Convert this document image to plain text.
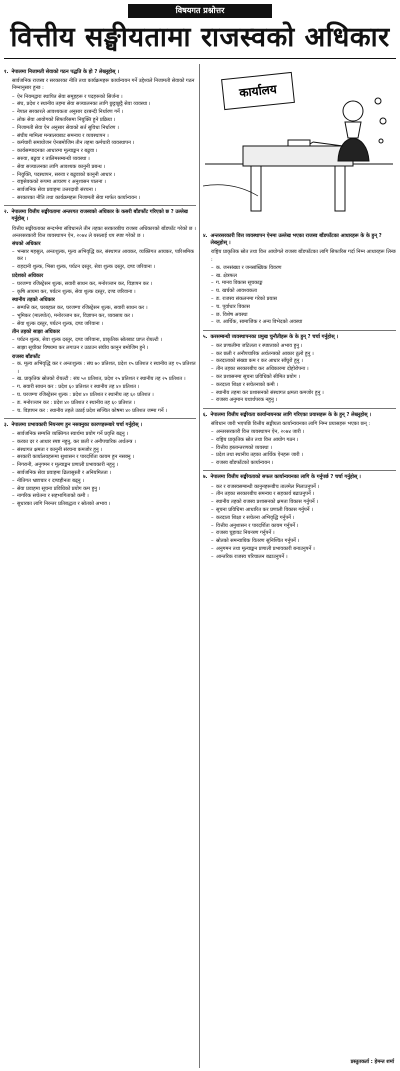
विषयगत प्रश्नोत्तर
वित्तीय सङ्घीयतामा राजस्वको अधिकार
१. नेपालमा निजामती सेवाको गठन पद्धति के हो ? लेख्नुहोस् ।

सार्वजनिक राजस्व र सरकारका नीति तथा कार्यक्रमहरू कार्यान्वयन गर्ने उद्देश्यले निजामती सेवाको गठन निम्नानुसार हुन्छ :

– ऐन नियमद्वारा स्थापित सेवा समूहहरू र पदहरूको सिर्जना ।
– संघ, प्रदेश र स्थानीय तहमा सेवा सञ्चालनका लागि छुट्टाछुट्टै सेवा व्यवस्था ।
– नेपाल सरकारले आवश्यकता अनुसार दरबन्दी निर्धारण गर्ने ।
– लोक सेवा आयोगको सिफारिसमा नियुक्ति हुने प्रक्रिया ।
– निजामती सेवा ऐन अनुसार सेवाको सर्त सुविधा निर्धारण ।
– संघीय मामिला मन्त्रालयबाट समन्वय र व्यवस्थापन ।
– कर्मचारी समायोजन ऐनबमोजिम तीन तहमा कर्मचारी व्यवस्थापन ।
– कार्यसम्पादनका आधारमा मूल्याङ्कन र बढुवा ।
– सरुवा, बढुवा र तालिमसम्बन्धी व्यवस्था ।
– सेवा सञ्चालनका लागि आवश्यक कानुनी प्रबन्ध ।
– नियुक्ति, पदस्थापन, सरुवा र बढुवाको कानुनी आधार ।
– राष्ट्रसेवकको रूपमा आचरण र अनुशासन पालना ।
– सार्वजनिक सेवा प्रवाहमा उत्तरदायी संरचना ।
– सरकारका नीति तथा कार्यक्रमहरू निजामती सेवा मार्फत कार्यान्वयन ।
२. नेपालमा वित्तीय सङ्घीयतामा अन्तरगत राजस्वको अधिकार के कसरी बाँडफाँट गरिएको छ ? उल्लेख गर्नुहोस् ।

वित्तीय सङ्घीयताका सन्दर्भमा संविधानले तीन तहका सरकारबीच राजस्व अधिकारको बाँडफाँट गरेको छ । अन्तरसरकारी वित्त व्यवस्थापन ऐन, २०७४ ले यसलाई थप स्पष्ट गरेको छ ।

संघको अधिकार
– भन्सार महसुल, अन्तःशुल्क, मूल्य अभिवृद्धि कर, संस्थागत आयकर, व्यक्तिगत आयकर, पारिश्रमिक कर ।
– राहदानी शुल्क, भिसा शुल्क, पर्यटन दस्तुर, सेवा शुल्क दस्तुर, दण्ड जरिवाना ।
प्रदेशको अधिकार
– घरजग्गा रजिस्ट्रेसन शुल्क, सवारी साधन कर, मनोरञ्जन कर, विज्ञापन कर ।
– कृषि आयमा कर, पर्यटन शुल्क, सेवा शुल्क दस्तुर, दण्ड जरिवाना ।
स्थानीय तहको अधिकार
– सम्पत्ति कर, घरबहाल कर, घरजग्गा रजिस्ट्रेसन शुल्क, सवारी साधन कर ।
– भूमिकर (मालपोत), मनोरञ्जन कर, विज्ञापन कर, व्यवसाय कर ।
– सेवा शुल्क दस्तुर, पर्यटन शुल्क, दण्ड जरिवाना ।
तीन तहको साझा अधिकार
– पर्यटन शुल्क, सेवा शुल्क दस्तुर, दण्ड जरिवाना, प्राकृतिक स्रोतबाट प्राप्त रोयल्टी ।
– साझा सूचीका विषयमा कर लगाउन र उठाउन संघीय कानुन बमोजिम हुने ।
राजस्व बाँडफाँट
– क. मूल्य अभिवृद्धि कर र अन्तःशुल्क : संघ ७० प्रतिशत, प्रदेश १५ प्रतिशत र स्थानीय तह १५ प्रतिशत ।
– ख. प्राकृतिक स्रोतको रोयल्टी : संघ ५० प्रतिशत, प्रदेश २५ प्रतिशत र स्थानीय तह २५ प्रतिशत ।
– ग. सवारी साधन कर : प्रदेश ६० प्रतिशत र स्थानीय तह ४० प्रतिशत ।
– घ. घरजग्गा रजिस्ट्रेसन शुल्क : प्रदेश ४० प्रतिशत र स्थानीय तह ६० प्रतिशत ।
– ङ. मनोरञ्जन कर : प्रदेश ४० प्रतिशत र स्थानीय तह ६० प्रतिशत ।
– च. विज्ञापन कर : स्थानीय तहले उठाई प्रदेश सञ्चित कोषमा ४० प्रतिशत जम्मा गर्ने ।
३. नेपालमा प्रभावकारी नियन्त्रण हुन नसक्नुका कारणहरूबारे चर्चा गर्नुहोस् ।
– सार्वजनिक सम्पत्ति व्यक्तिगत स्वार्थमा प्रयोग गर्ने प्रवृत्ति बढ्नु ।
– करका दर र आधार स्पष्ट नहुनु, कर छली र अनौपचारिक अर्थतन्त्र ।
– संस्थागत क्षमता र कानुनी संरचना कमजोर हुनु ।
– सरकारी कार्यालयहरूमा सुशासन र पारदर्शिता कायम हुन नसक्नु ।
– निगरानी, अनुगमन र मूल्याङ्कन प्रणाली प्रभावकारी नहुनु ।
– सार्वजनिक सेवा प्रवाहमा ढिलासुस्ती र अनियमितता ।
– नीतिगत भ्रष्टाचार र दण्डहीनता बढ्नु ।
– सेवा प्रवाहमा सूचना प्रविधिको प्रयोग कम हुनु ।
– नागरिक सचेतना र सहभागिताको कमी ।
– सुधारका लागि निरन्तर प्रतिबद्धता र स्रोतको अभाव ।
कार्यालय
४. अन्तरसरकारी वित्त व्यवस्थापन ऐनमा उल्लेख भएका राजस्व बाँडफाँटका आधारहरू के के हुन् ? लेख्नुहोस् ।

राष्ट्रिय प्राकृतिक स्रोत तथा वित्त आयोगले राजस्व बाँडफाँटका लागि सिफारिस गर्दा निम्न आधारहरू लिन्छ :

– क. जनसंख्या र जनसांख्यिक विवरण
– ख. क्षेत्रफल
– ग. मानव विकास सूचकाङ्क
– घ. खर्चको आवश्यकता
– ङ. राजस्व संकलनमा गरेको प्रयास
– च. पूर्वाधार विकास
– छ. विशेष अवस्था
– ज. आर्थिक, सामाजिक र अन्य विभेदको अवस्था
५. करसम्बन्धी व्यवस्थापनका प्रमुख चुनौतीहरू के के हुन् ? चर्चा गर्नुहोस् ।
– कर प्रणालीमा जटिलता र स्पष्टताको अभाव हुनु ।
– कर छली र अनौपचारिक अर्थतन्त्रको आकार ठूलो हुनु ।
– करदाताको संख्या कम र कर आधार साँघुरो हुनु ।
– तीन तहका सरकारबीच कर अधिकारमा दोहोरोपना ।
– कर प्रशासनमा सूचना प्रविधिको सीमित प्रयोग ।
– करदाता शिक्षा र सचेतनाको कमी ।
– स्थानीय तहमा कर प्रशासनको संस्थागत क्षमता कमजोर हुनु ।
– राजस्व अनुमान यथार्थपरक नहुनु ।
६. नेपालमा वित्तीय सङ्घीयता कार्यान्वयनका लागि गरिएका प्रयासहरू के के हुन् ? लेख्नुहोस् ।

संविधान जारी भएपछि वित्तीय सङ्घीयता कार्यान्वयनका लागि निम्न प्रयासहरू भएका छन् :

– अन्तरसरकारी वित्त व्यवस्थापन ऐन, २०७४ जारी ।
– राष्ट्रिय प्राकृतिक स्रोत तथा वित्त आयोग गठन ।
– वित्तीय हस्तान्तरणको व्यवस्था ।
– प्रदेश तथा स्थानीय तहका आर्थिक ऐनहरू जारी ।
– राजस्व बाँडफाँटको कार्यान्वयन ।
७. नेपालमा वित्तीय सङ्घीयताको सफल कार्यान्वयनका लागि के गर्नुपर्छ ? चर्चा गर्नुहोस् ।
– कर र राजस्वसम्बन्धी कानुनहरूबीच तालमेल मिलाउनुपर्ने ।
– तीन तहका सरकारबीच समन्वय र सहकार्य बढाउनुपर्ने ।
– स्थानीय तहको राजस्व प्रशासनको क्षमता विकास गर्नुपर्ने ।
– सूचना प्रविधिमा आधारित कर प्रणाली विकास गर्नुपर्ने ।
– करदाता शिक्षा र सचेतना अभिवृद्धि गर्नुपर्ने ।
– वित्तीय अनुशासन र पारदर्शिता कायम गर्नुपर्ने ।
– राजस्व चुहावट नियन्त्रण गर्नुपर्ने ।
– स्रोतको समन्यायिक वितरण सुनिश्चित गर्नुपर्ने ।
– अनुगमन तथा मूल्याङ्कन प्रणाली प्रभावकारी बनाउनुपर्ने ।
– आन्तरिक राजस्व परिचालन बढाउनुपर्ने ।
प्रस्तुतकर्ता : हेमन्त शर्मा
